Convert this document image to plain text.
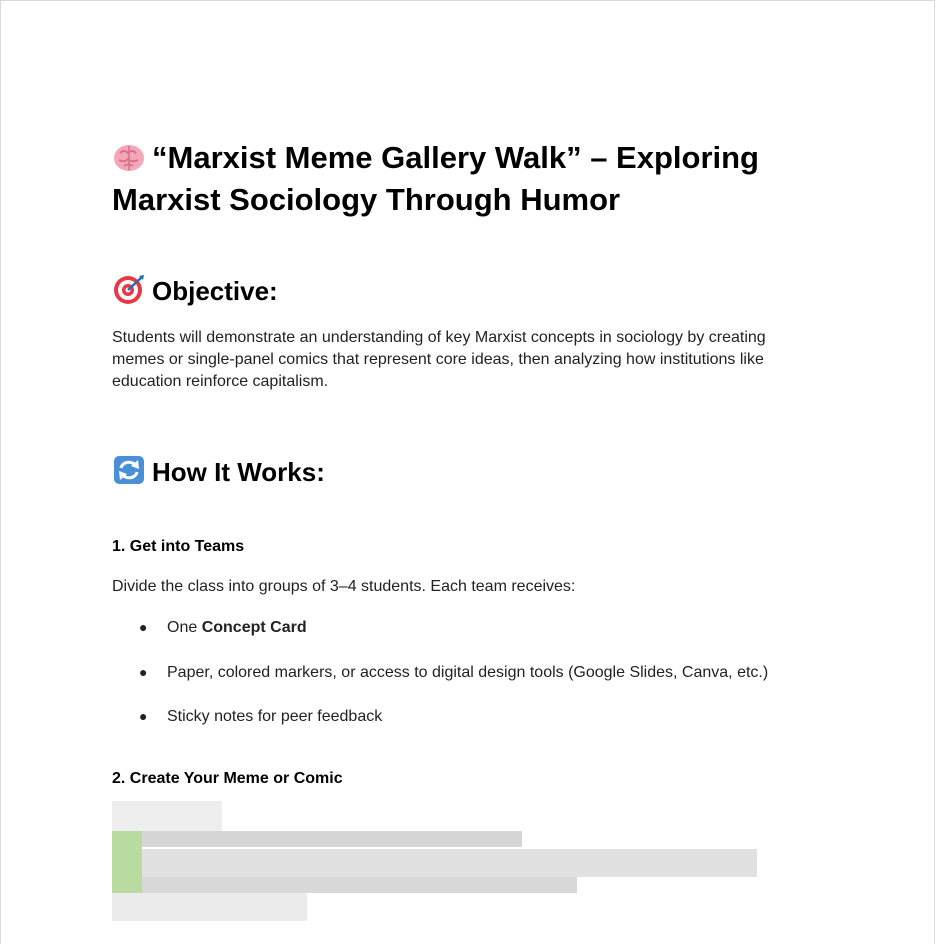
“Marxist Meme Gallery Walk” – Exploring
Marxist Sociology Through Humor
Objective:

Students will demonstrate an understanding of key Marxist concepts in sociology by creating memes or single-panel comics that represent core ideas, then analyzing how institutions like education reinforce capitalism.

How It Works:
1. Get into Teams

Divide the class into groups of 3–4 students. Each team receives:

● One Concept Card
● Paper, colored markers, or access to digital design tools (Google Slides, Canva, etc.)
● Sticky notes for peer feedback
2. Create Your Meme or Comic
